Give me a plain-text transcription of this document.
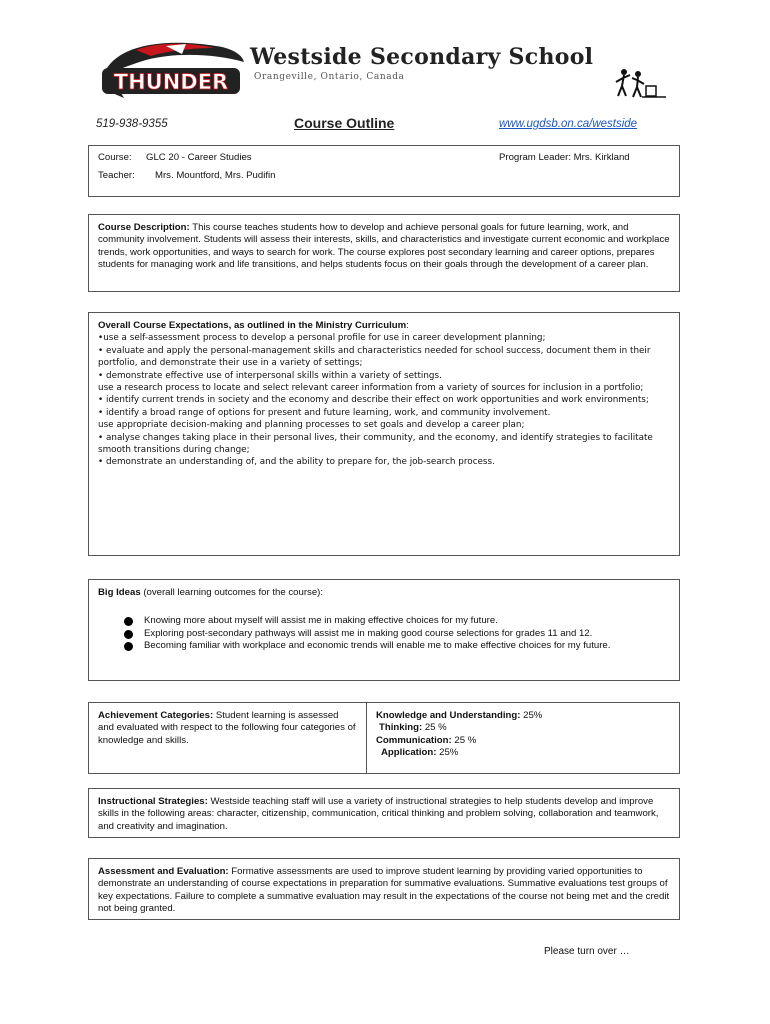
THUNDER
Westside Secondary School
Orangeville, Ontario, Canada
519-938-9355	Course Outline	www.ugdsb.on.ca/westside
Course: GLC 20 - Career Studies	Program Leader: Mrs. Kirkland
Teacher: Mrs. Mountford, Mrs. Pudifin
Course Description: This course teaches students how to develop and achieve personal goals for future learning, work, and community involvement. Students will assess their interests, skills, and characteristics and investigate current economic and workplace trends, work opportunities, and ways to search for work. The course explores post secondary learning and career options, prepares students for managing work and life transitions, and helps students focus on their goals through the development of a career plan.
Overall Course Expectations, as outlined in the Ministry Curriculum:
•use a self-assessment process to develop a personal profile for use in career development planning;
• evaluate and apply the personal-management skills and characteristics needed for school success, document them in their portfolio, and demonstrate their use in a variety of settings;
• demonstrate effective use of interpersonal skills within a variety of settings.
use a research process to locate and select relevant career information from a variety of sources for inclusion in a portfolio;
• identify current trends in society and the economy and describe their effect on work opportunities and work environments;
• identify a broad range of options for present and future learning, work, and community involvement.
use appropriate decision-making and planning processes to set goals and develop a career plan;
• analyse changes taking place in their personal lives, their community, and the economy, and identify strategies to facilitate smooth transitions during change;
• demonstrate an understanding of, and the ability to prepare for, the job-search process.
Big Ideas (overall learning outcomes for the course):
Knowing more about myself will assist me in making effective choices for my future.
Exploring post-secondary pathways will assist me in making good course selections for grades 11 and 12.
Becoming familiar with workplace and economic trends will enable me to make effective choices for my future.
Achievement Categories: Student learning is assessed and evaluated with respect to the following four categories of knowledge and skills.
Knowledge and Understanding: 25%
Thinking: 25 %
Communication: 25 %
Application: 25%
Instructional Strategies: Westside teaching staff will use a variety of instructional strategies to help students develop and improve skills in the following areas: character, citizenship, communication, critical thinking and problem solving, collaboration and teamwork, and creativity and imagination.
Assessment and Evaluation: Formative assessments are used to improve student learning by providing varied opportunities to demonstrate an understanding of course expectations in preparation for summative evaluations. Summative evaluations test groups of key expectations. Failure to complete a summative evaluation may result in the expectations of the course not being met and the credit not being granted.
Please turn over …
